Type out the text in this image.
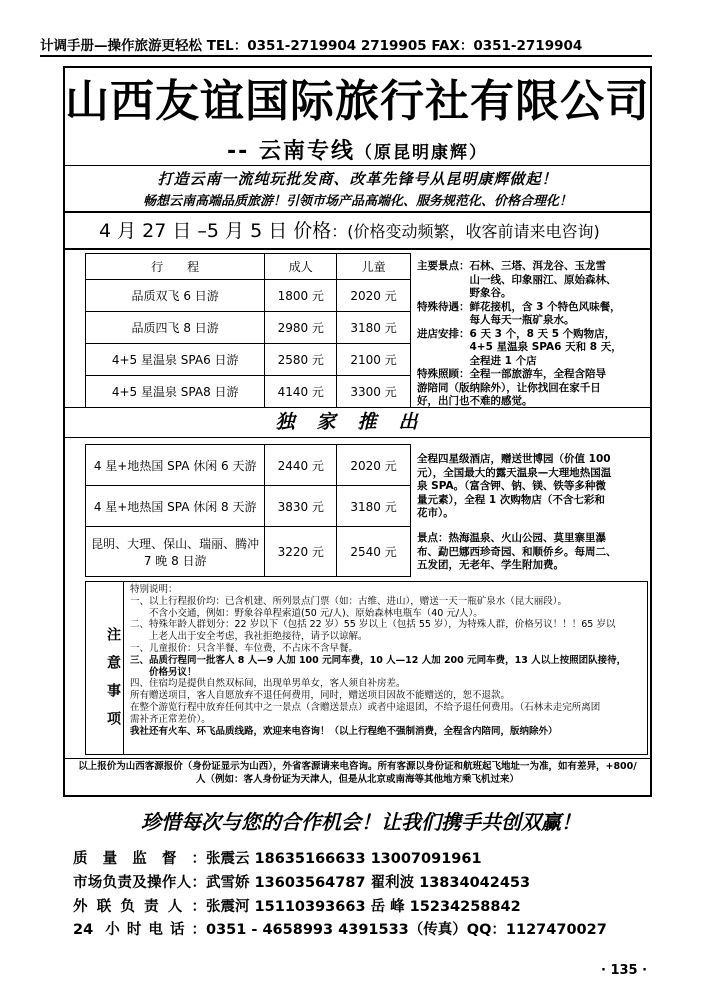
计调手册—操作旅游更轻松 TEL：0351-2719904 2719905 FAX：0351-2719904
山西友谊国际旅行社有限公司
-- 云南专线（原昆明康辉）
打造云南一流纯玩批发商、改革先锋号从昆明康辉做起！
畅想云南高端品质旅游！引领市场产品高端化、服务规范化、价格合理化！
4 月 27 日 –5 月 5 日 价格：(价格变动频繁，收客前请来电咨询)
行　　程	成人	儿童
品质双飞 6 日游	1800 元	2020 元
品质四飞 8 日游	2980 元	3180 元
4+5 星温泉 SPA6 日游	2580 元	2100 元
4+5 星温泉 SPA8 日游	4140 元	3300 元
主要景点：石林、三塔、洱龙谷、玉龙雪
　　　　　山一线、印象丽江、原始森林、
　　　　　野象谷。
特殊待遇：鲜花接机，含 3 个特色风味餐，
　　　　　每人每天一瓶矿泉水。
进店安排：6 天 3 个，8 天 5 个购物店，
　　　　　4+5 星温泉 SPA6 天和 8 天，
　　　　　全程进 1 个店
特殊照顾：全程一部旅游车，全程含陪导
游陪同（版纳除外），让你找回在家千日
好，出门也不难的感觉。
独家推出
4 星+地热国 SPA 休闲 6 天游	2440 元	2020 元
4 星+地热国 SPA 休闲 8 天游	3830 元	3180 元
昆明、大理、保山、瑞丽、腾冲 7 晚 8 日游	3220 元	2540 元
全程四星级酒店，赠送世博园（价值 100
元），全国最大的露天温泉—大理地热国温
泉 SPA。（富含钾、钠、镁、铁等多种微
量元素），全程 1 次购物店（不含七彩和
花市）。
景点：热海温泉、火山公园、莫里寨里瀑
布、勐巴娜西珍奇园、和顺侨乡。每周二、
五发团，无老年、学生附加费。
注意事项
特别说明：
一、以上行程报价均：已含机建、所列景点门票（如：古维、进山），赠送一天一瓶矿泉水（昆大丽段）。
　　不含小交通，例如：野象谷单程索道(50 元/人)、原始森林电瓶车（40 元/人）。
二、特殊年龄人群划分：22 岁以下（包括 22 岁）55 岁以上（包括 55 岁），为特殊人群，价格另议！！！65 岁以
　　上老人出于安全考虑，我社拒绝接待，请予以谅解。
一、儿童报价：只含半餐、车位费，不占床不含早餐。
三、品质行程同一批客人 8 人—9 人加 100 元同车费，10 人—12 人加 200 元同车费，13 人以上按照团队接待，
　　价格另议！
四、住宿均是提供自然双标间，出现单男单女，客人须自补房差。
所有赠送项目，客人自愿放弃不退任何费用，同时，赠送项目因故不能赠送的，恕不退款。
在整个游览行程中放弃任何其中之一景点（含赠送景点）或者中途退团，不给予退任何费用。（石林未走完所离团
需补齐正常差价）。
我社还有火车、环飞品质线路，欢迎来电咨询！（以上行程绝不强制消费，全程含内陪同，版纳除外）
以上报价为山西客源报价（身份证显示为山西），外省客源请来电咨询。所有客源以身份证和航班起飞地址一为准，如有差异，+800/人（例如：客人身份证为天津人，但是从北京或南海等其他地方乘飞机过来）
珍惜每次与您的合作机会！让我们携手共创双赢！
质量监督：张震云 18635166633 13007091961
市场负责及操作人：武雪娇 13603564787 翟利波 13834042453
外联负责人：张震河 15110393663 岳 峰 15234258842
24 小时电话：0351 - 4658993 4391533（传真）QQ：1127470027
· 135 ·
